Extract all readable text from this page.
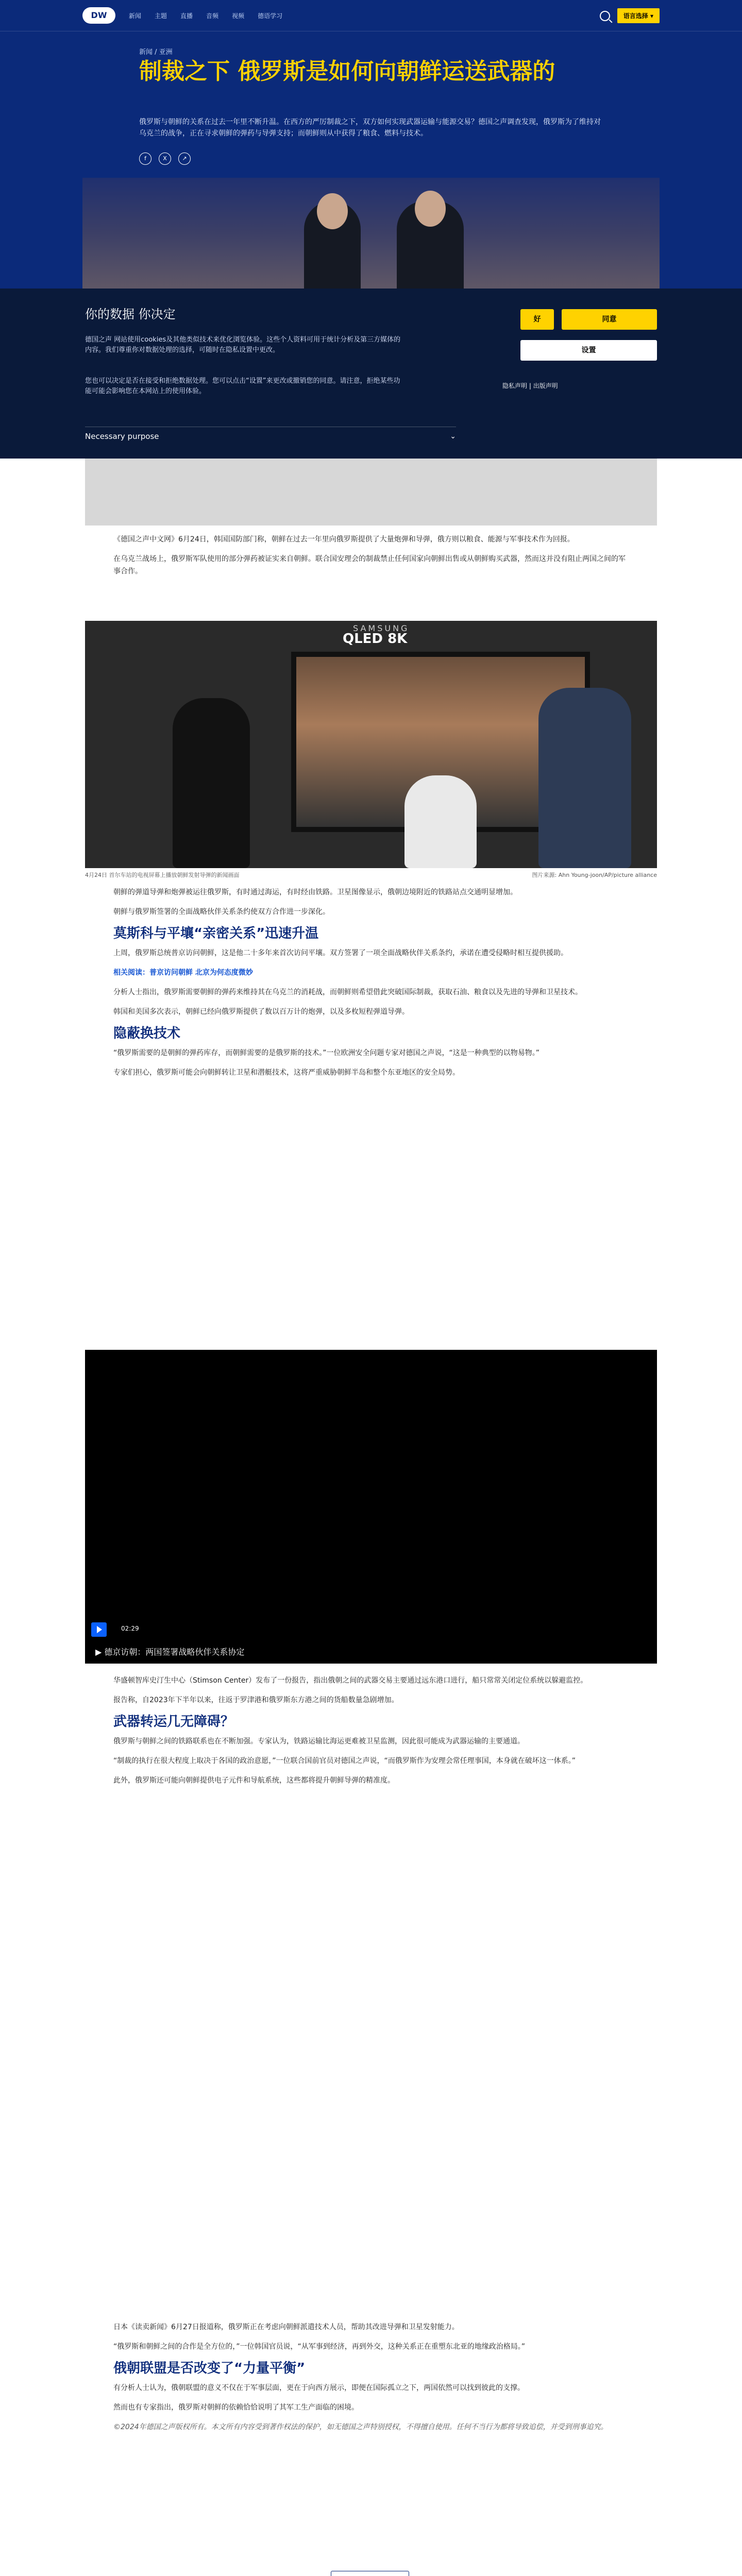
DW	新闻 主题 直播 音频 视频 德语学习	语言选择 ▾
新闻 / 亚洲
制裁之下 俄罗斯是如何向朝鲜运送武器的
俄罗斯与朝鲜的关系在过去一年里不断升温。在西方的严厉制裁之下，双方如何实现武器运输与能源交易？德国之声调查发现，俄罗斯为了维持对乌克兰的战争，正在寻求朝鲜的弹药与导弹支持；而朝鲜则从中获得了粮食、燃料与技术。
f	X	↗
你的数据 你决定
德国之声 网站使用cookies及其他类似技术来优化浏览体验。这些个人资料可用于统计分析及第三方媒体的内容。我们尊重你对数据处理的选择，可随时在隐私设置中更改。
您也可以决定是否在接受和拒绝数据处理。您可以点击“设置”来更改或撤销您的同意。请注意，拒绝某些功能可能会影响您在本网站上的使用体验。
Necessary purpose	⌄
好	同意
设置
隐私声明 | 出版声明

《德国之声中文网》6月24日，韩国国防部门称，朝鲜在过去一年里向俄罗斯提供了大量炮弹和导弹，俄方则以粮食、能源与军事技术作为回报。

在乌克兰战场上，俄罗斯军队使用的部分弹药被证实来自朝鲜。联合国安理会的制裁禁止任何国家向朝鲜出售或从朝鲜购买武器，然而这并没有阻止两国之间的军事合作。

QLED 8K
SAMSUNG
4月24日 首尔车站的电视屏幕上播放朝鲜发射导弹的新闻画面	图片来源: Ahn Young-joon/AP/picture alliance

朝鲜的弹道导弹和炮弹被运往俄罗斯，有时通过海运，有时经由铁路。卫星图像显示，俄朝边境附近的铁路站点交通明显增加。

朝鲜与俄罗斯签署的全面战略伙伴关系条约使双方合作进一步深化。

莫斯科与平壤“亲密关系”迅速升温

上周，俄罗斯总统普京访问朝鲜，这是他二十多年来首次访问平壤。双方签署了一项全面战略伙伴关系条约，承诺在遭受侵略时相互提供援助。

相关阅读：普京访问朝鲜 北京为何态度微妙

分析人士指出，俄罗斯需要朝鲜的弹药来维持其在乌克兰的消耗战，而朝鲜则希望借此突破国际制裁，获取石油、粮食以及先进的导弹和卫星技术。

韩国和美国多次表示，朝鲜已经向俄罗斯提供了数以百万计的炮弹，以及多枚短程弹道导弹。

隐蔽换技术

“俄罗斯需要的是朝鲜的弹药库存，而朝鲜需要的是俄罗斯的技术。”一位欧洲安全问题专家对德国之声说，“这是一种典型的以物易物。”

专家们担心，俄罗斯可能会向朝鲜转让卫星和潜艇技术，这将严重威胁朝鲜半岛和整个东亚地区的安全局势。

02:29
▶ 德京访朝：两国签署战略伙伴关系协定

华盛顿智库史汀生中心（Stimson Center）发布了一份报告，指出俄朝之间的武器交易主要通过远东港口进行，船只常常关闭定位系统以躲避监控。

报告称，自2023年下半年以来，往返于罗津港和俄罗斯东方港之间的货船数量急剧增加。

武器转运几无障碍？

俄罗斯与朝鲜之间的铁路联系也在不断加强。专家认为，铁路运输比海运更难被卫星监测，因此很可能成为武器运输的主要通道。

“制裁的执行在很大程度上取决于各国的政治意愿，”一位联合国前官员对德国之声说，“而俄罗斯作为安理会常任理事国，本身就在破坏这一体系。”

此外，俄罗斯还可能向朝鲜提供电子元件和导航系统，这些都将提升朝鲜导弹的精准度。

日本《读卖新闻》6月27日报道称，俄罗斯正在考虑向朝鲜派遣技术人员，帮助其改进导弹和卫星发射能力。

“俄罗斯和朝鲜之间的合作是全方位的，”一位韩国官员说，“从军事到经济，再到外交，这种关系正在重塑东北亚的地缘政治格局。”

俄朝联盟是否改变了“力量平衡”

有分析人士认为，俄朝联盟的意义不仅在于军事层面，更在于向西方展示，即便在国际孤立之下，两国依然可以找到彼此的支撑。

然而也有专家指出，俄罗斯对朝鲜的依赖恰恰说明了其军工生产面临的困境。

©2024年德国之声版权所有。本文所有内容受到著作权法的保护，如无德国之声特别授权，不得擅自使用。任何不当行为都将导致追偿，并受到刑事追究。
